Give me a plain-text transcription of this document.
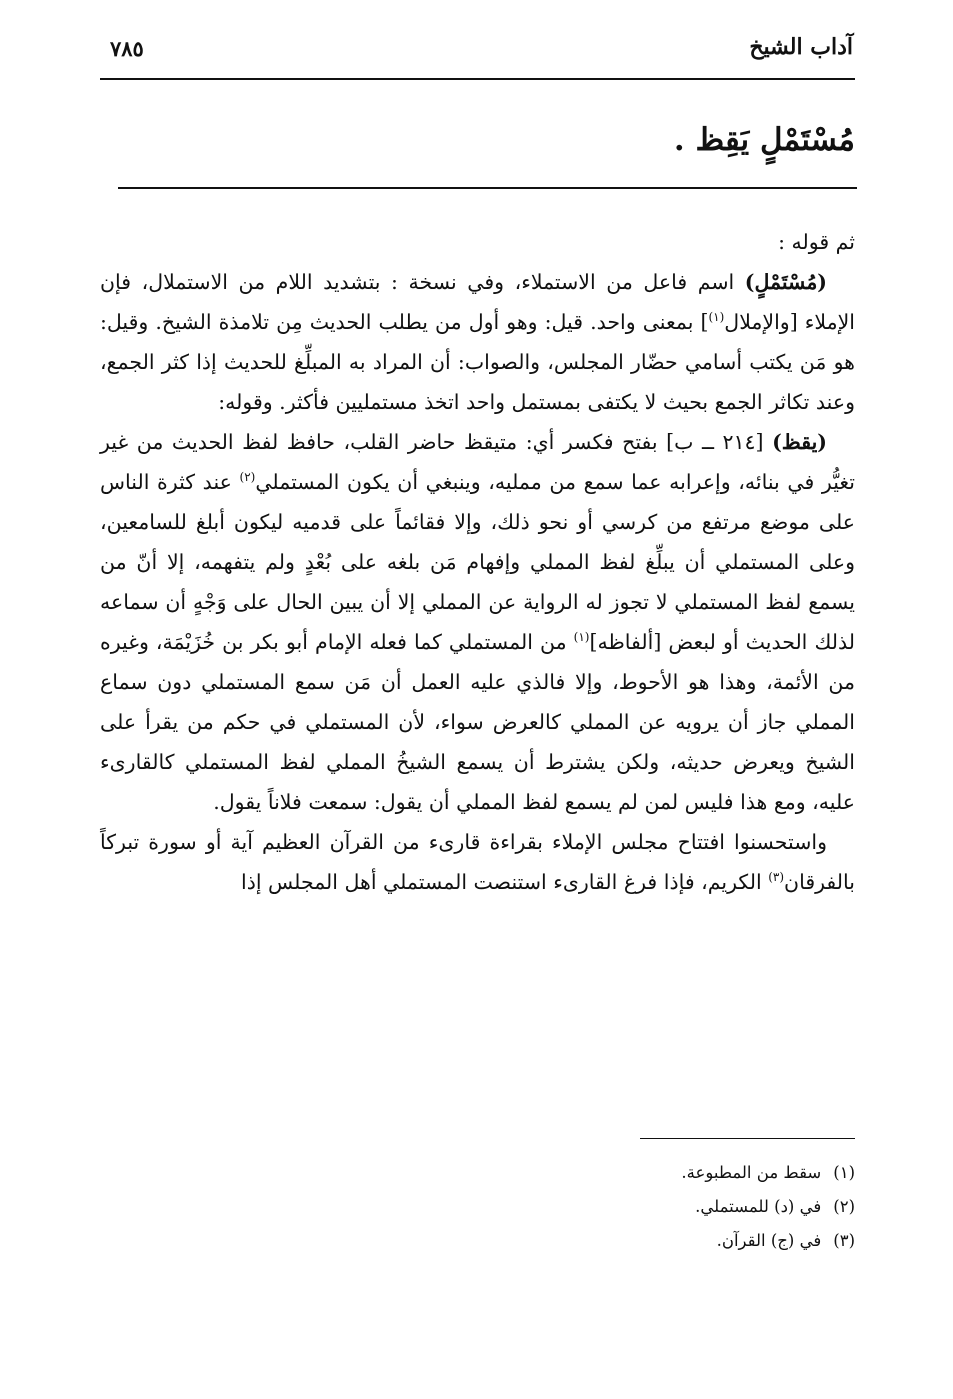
آداب الشيخ
٧٨٥
مُسْتَمْلٍ يَقِظ .

ثم قوله :

(مُسْتَمْلٍ) اسم فاعل من الاستملاء، وفي نسخة : بتشديد اللام من الاستملال، فإن الإملاء [والإملال$^{(١)}$] بمعنى واحد. قيل: وهو أول من يطلب الحديث مِن تلامذة الشيخ. وقيل: هو مَن يكتب أسامي حضّار المجلس، والصواب: أن المراد به المبلِّغ للحديث إذا كثر الجمع، وعند تكاثر الجمع بحيث لا يكتفى بمستمل واحد اتخذ مستمليين فأكثر. وقوله:

(يقظ) [٢١٤ ــ ب] بفتح فكسر أي: متيقظ حاضر القلب، حافظ لفظ الحديث من غير تغيُّر في بنائه، وإعرابه عما سمع من ممليه، وينبغي أن يكون المستملي$^{(٢)}$ عند كثرة الناس على موضع مرتفع من كرسي أو نحو ذلك، وإلا فقائماً على قدميه ليكون أبلغ للسامعين، وعلى المستملي أن يبلِّغ لفظ المملي وإفهام مَن بلغه على بُعْدٍ ولم يتفهمه، إلا أنّ من يسمع لفظ المستملي لا تجوز له الرواية عن المملي إلا أن يبين الحال على وَجْهٍ أن سماعه لذلك الحديث أو لبعض [ألفاظه]$^{(١)}$ من المستملي كما فعله الإمام أبو بكر بن خُزَيْمَة، وغيره من الأئمة، وهذا هو الأحوط، وإلا فالذي عليه العمل أن مَن سمع المستملي دون سماع المملي جاز أن يرويه عن المملي كالعرض سواء، لأن المستملي في حكم من يقرأ على الشيخ ويعرض حديثه، ولكن يشترط أن يسمع الشيخُ المملي لفظ المستملي كالقارىء عليه، ومع هذا فليس لمن لم يسمع لفظ المملي أن يقول: سمعت فلاناً يقول.

واستحسنوا افتتاح مجلس الإملاء بقراءة قارىء من القرآن العظيم آية أو سورة تبركاً بالفرقان$^{(٣)}$ الكريم، فإذا فرغ القارىء استنصت المستملي أهل المجلس إذا

(١)
سقط من المطبوعة.
(٢)
في (د) للمستملي.
(٣)
في (ج) القرآن.
